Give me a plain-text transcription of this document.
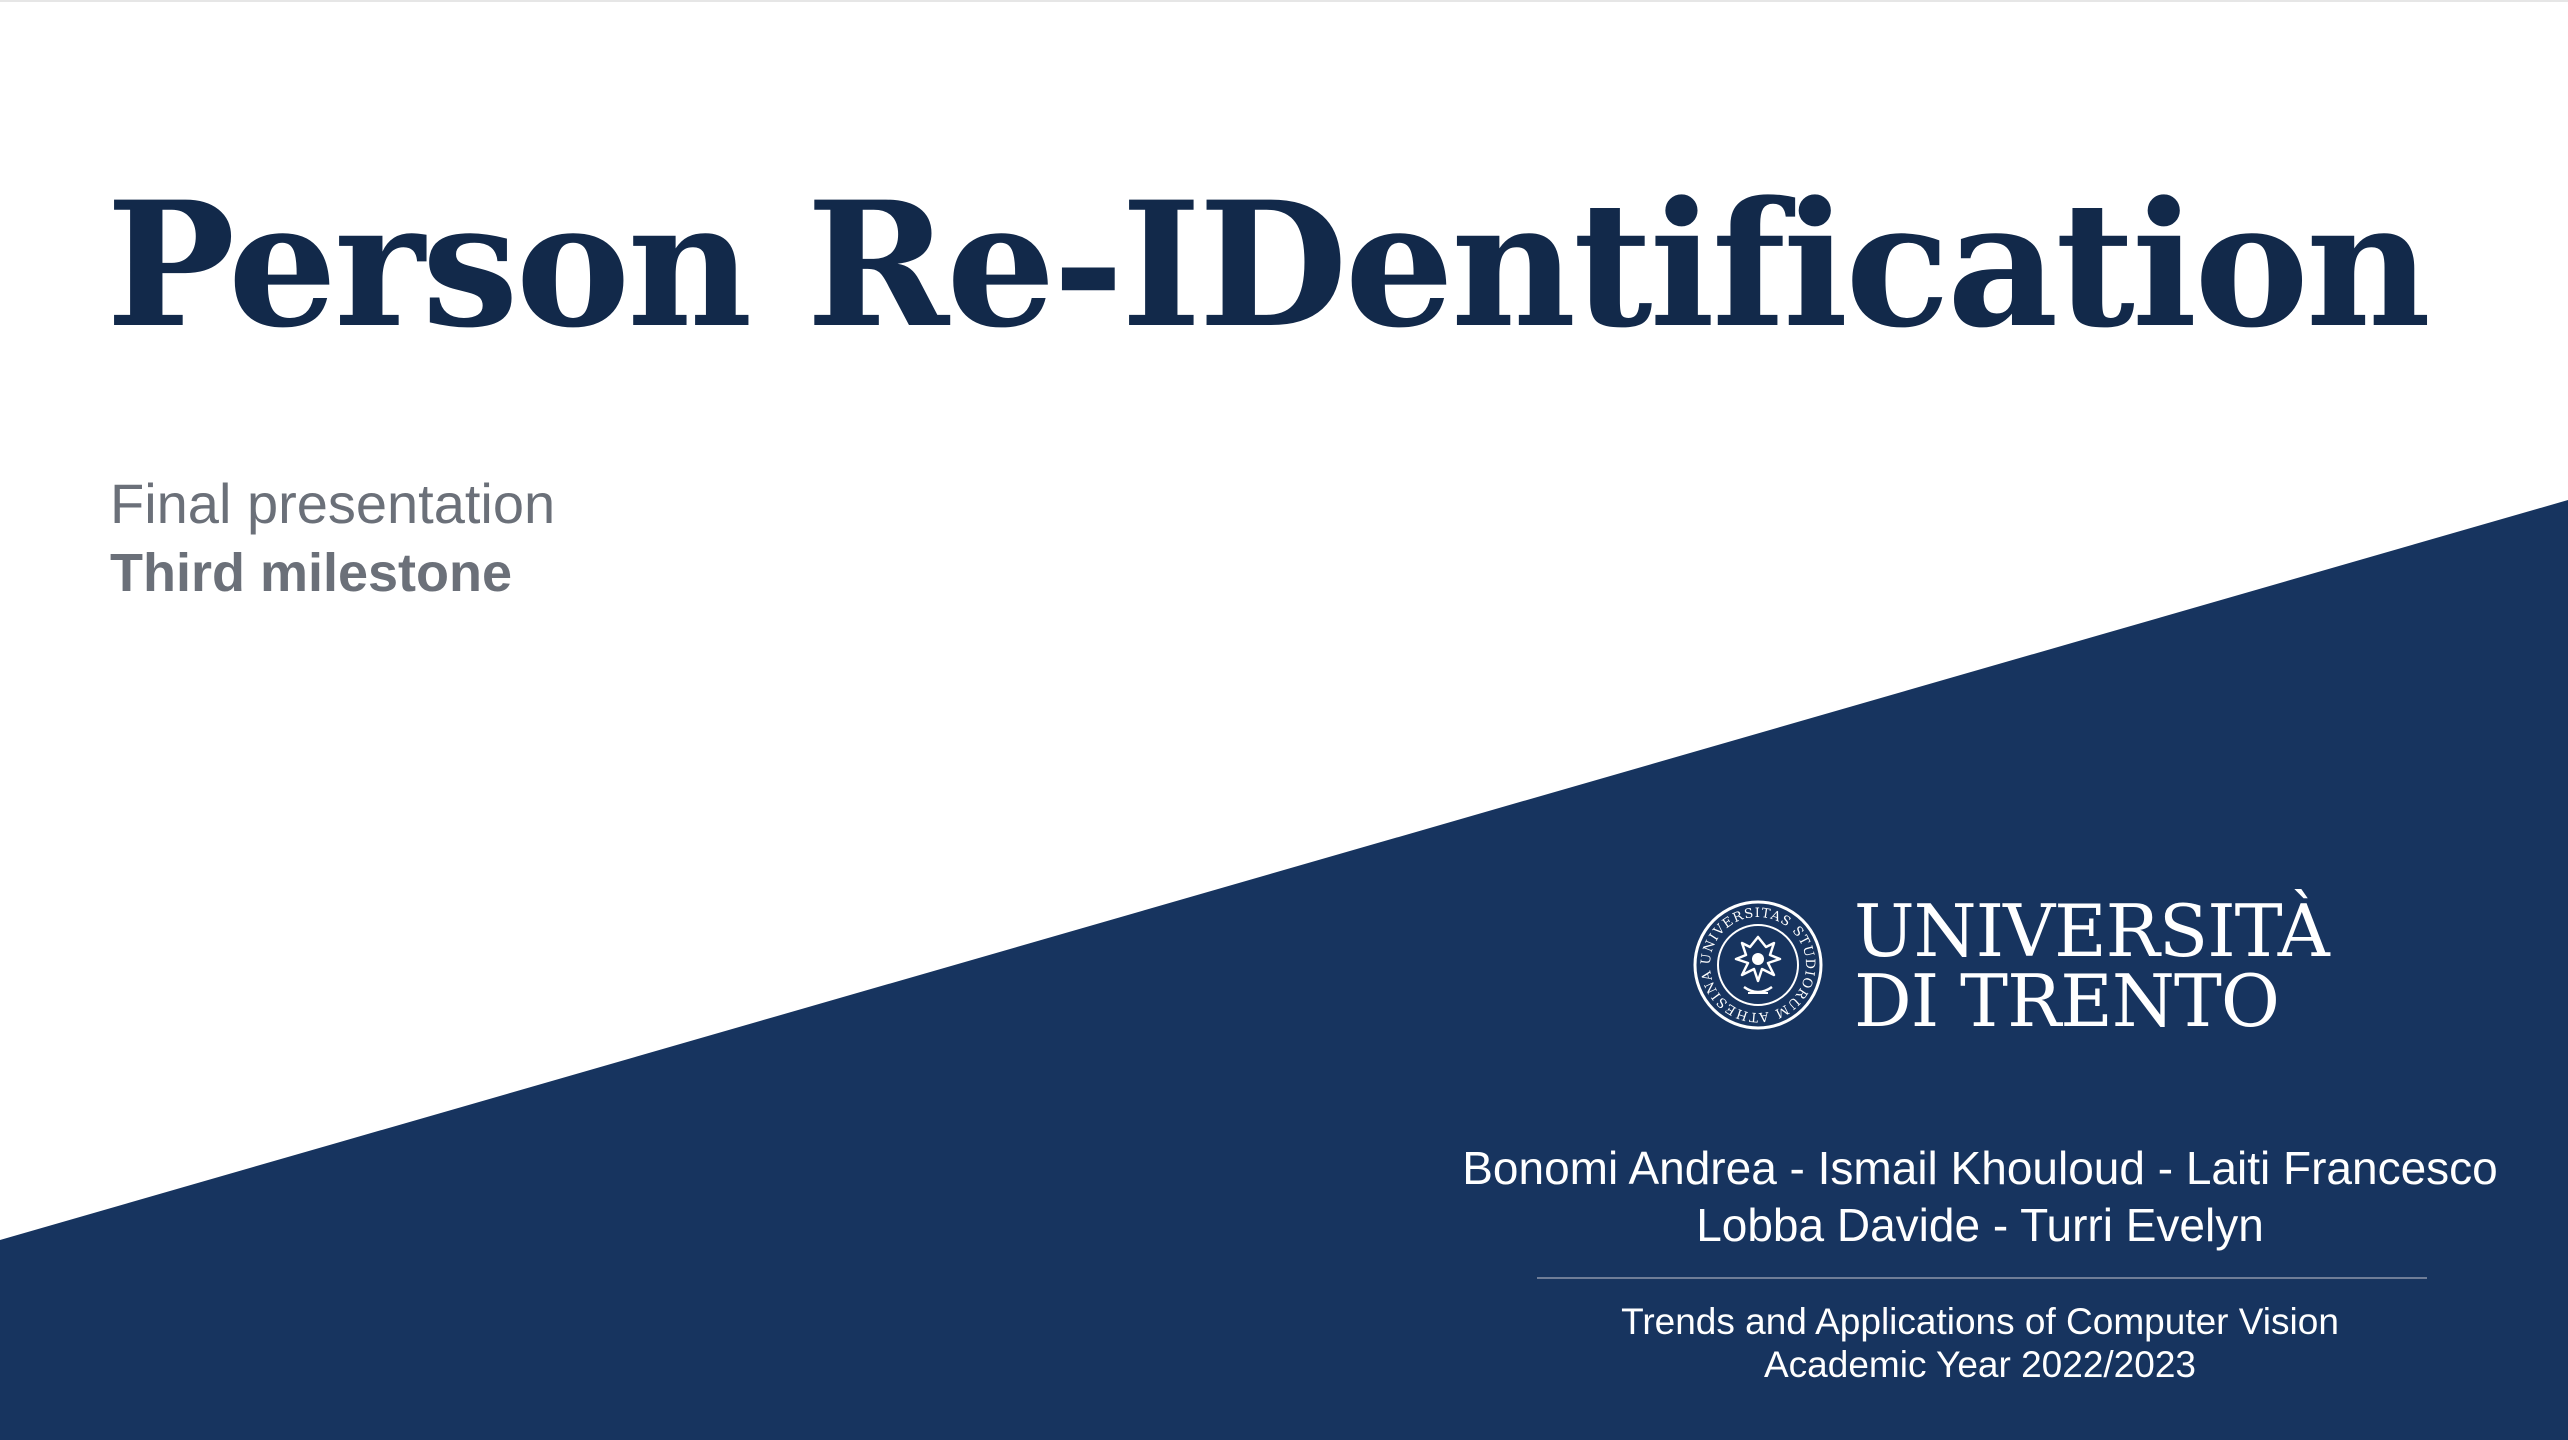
Person Re-IDentification
Final presentation
Third milestone
UNIVERSITAS STUDIORUM ATHESINA
UNIVERSITÀ
DI TRENTO
Bonomi Andrea - Ismail Khouloud - Laiti Francesco
Lobba Davide - Turri Evelyn
Trends and Applications of Computer Vision
Academic Year 2022/2023
